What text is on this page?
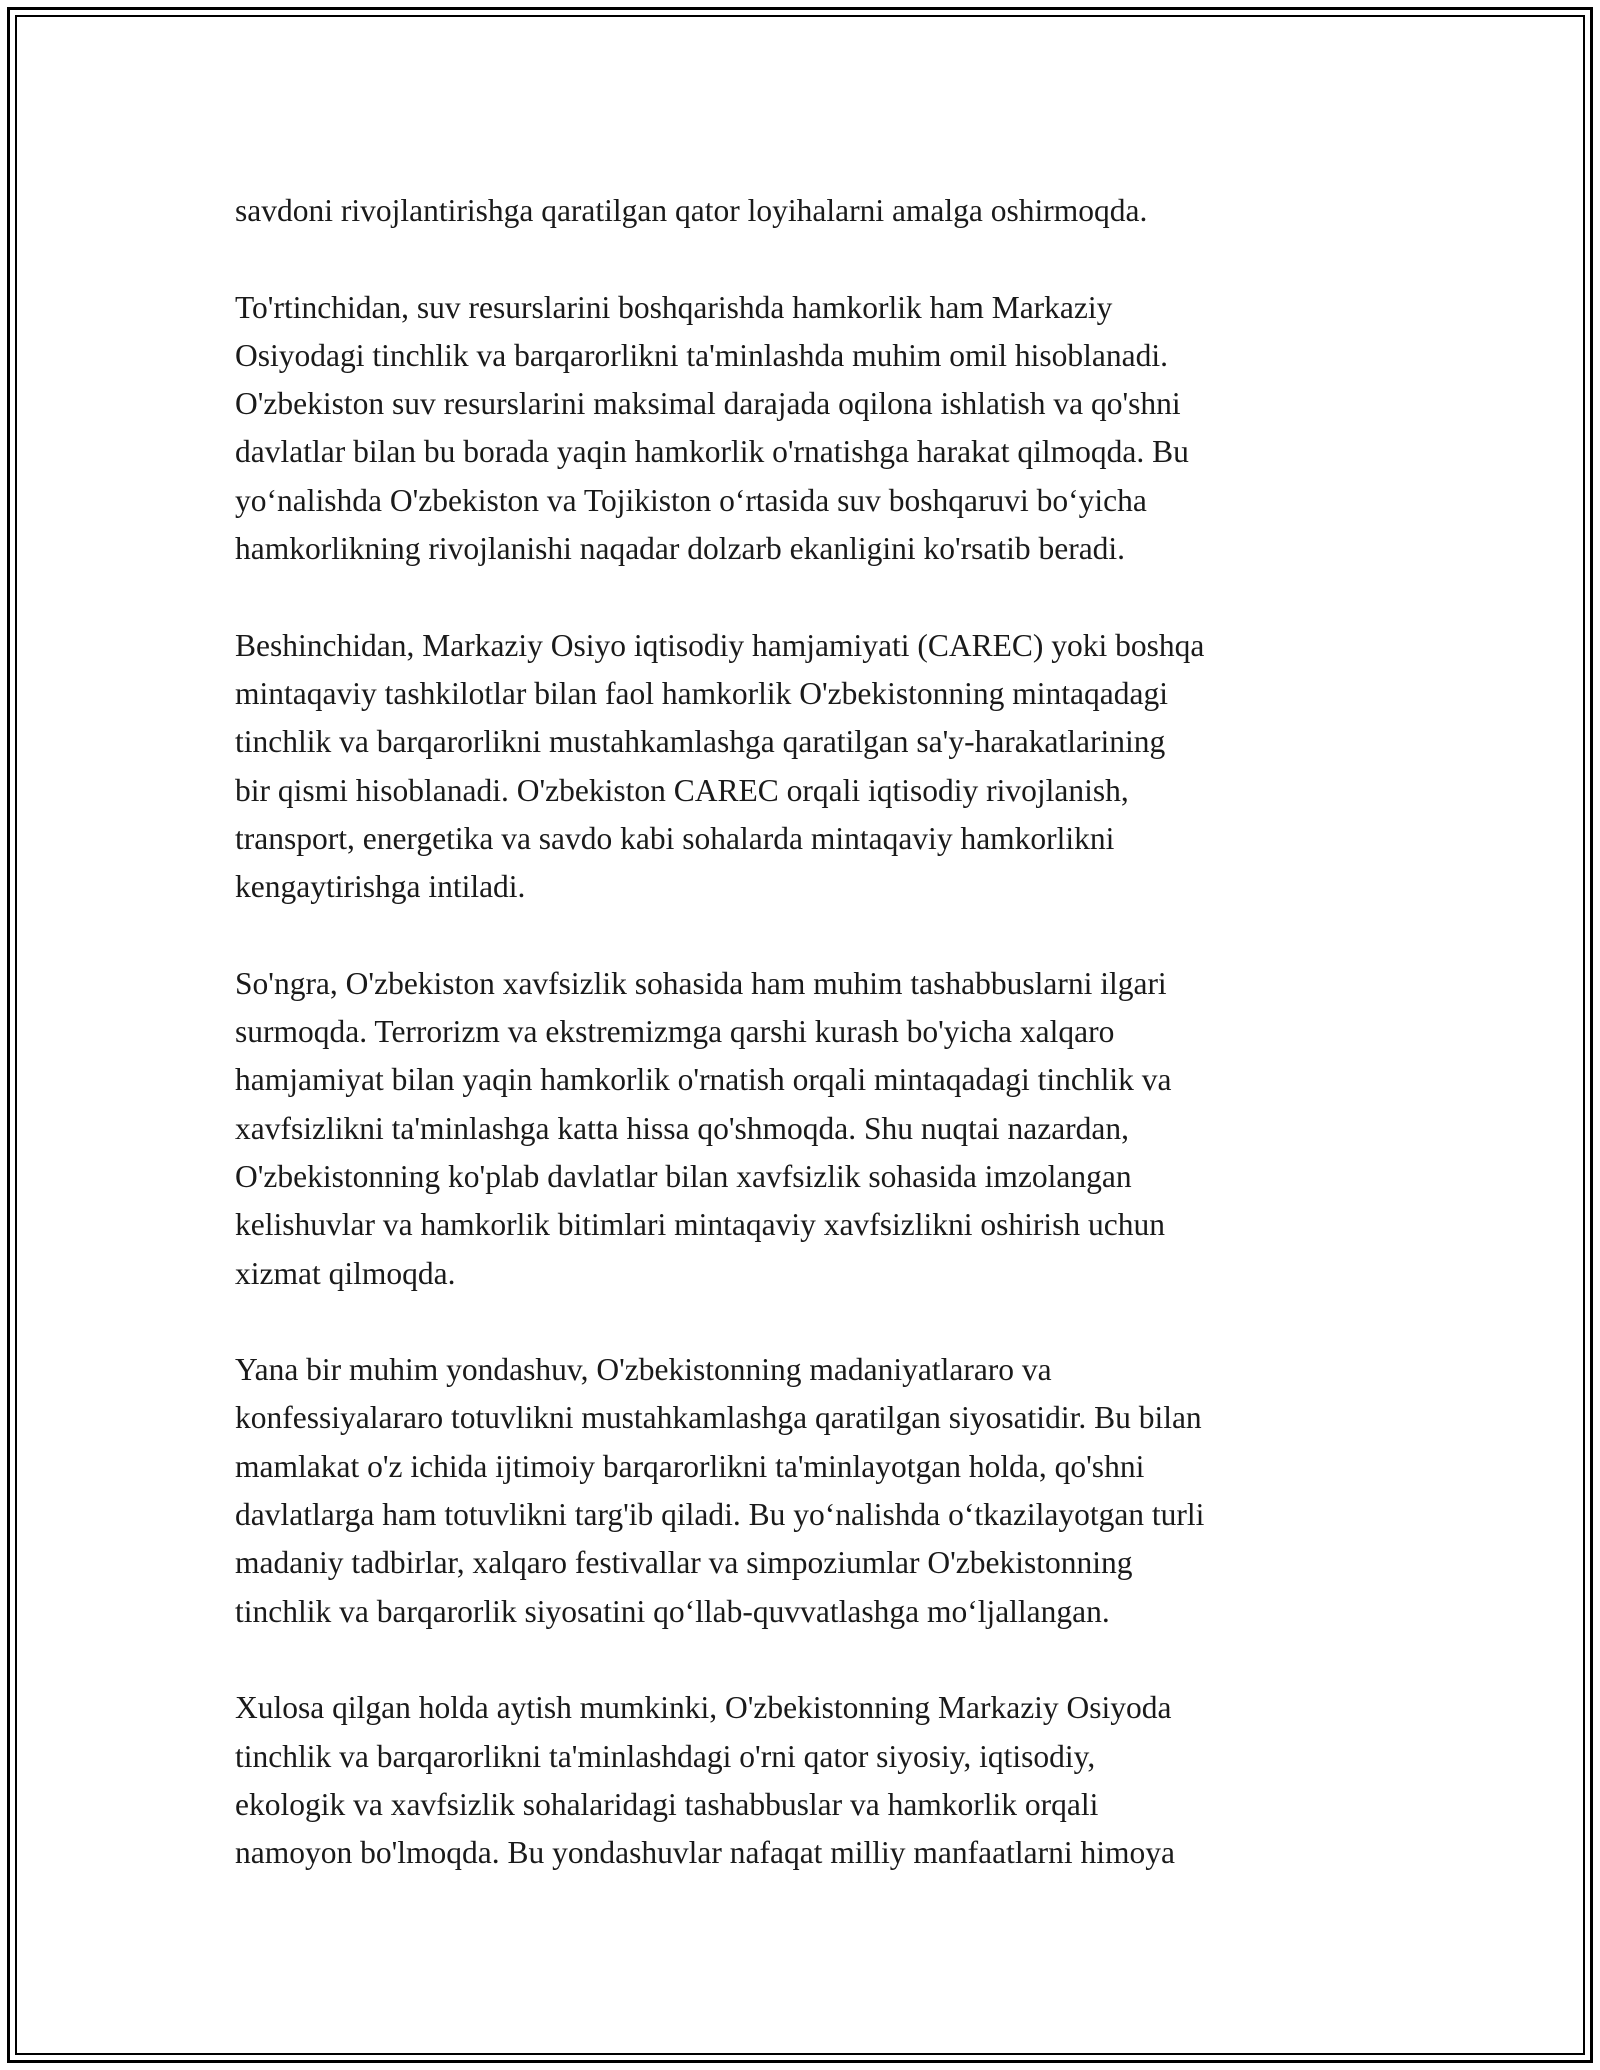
savdoni rivojlantirishga qaratilgan qator loyihalarni amalga oshirmoqda.

To'rtinchidan, suv resurslarini boshqarishda hamkorlik ham Markaziy
Osiyodagi tinchlik va barqarorlikni ta'minlashda muhim omil hisoblanadi.
O'zbekiston suv resurslarini maksimal darajada oqilona ishlatish va qo'shni
davlatlar bilan bu borada yaqin hamkorlik o'rnatishga harakat qilmoqda. Bu
yo‘nalishda O'zbekiston va Tojikiston o‘rtasida suv boshqaruvi bo‘yicha
hamkorlikning rivojlanishi naqadar dolzarb ekanligini ko'rsatib beradi.

Beshinchidan, Markaziy Osiyo iqtisodiy hamjamiyati (CAREC) yoki boshqa
mintaqaviy tashkilotlar bilan faol hamkorlik O'zbekistonning mintaqadagi
tinchlik va barqarorlikni mustahkamlashga qaratilgan sa'y-harakatlarining
bir qismi hisoblanadi. O'zbekiston CAREC orqali iqtisodiy rivojlanish,
transport, energetika va savdo kabi sohalarda mintaqaviy hamkorlikni
kengaytirishga intiladi.

So'ngra, O'zbekiston xavfsizlik sohasida ham muhim tashabbuslarni ilgari
surmoqda. Terrorizm va ekstremizmga qarshi kurash bo'yicha xalqaro
hamjamiyat bilan yaqin hamkorlik o'rnatish orqali mintaqadagi tinchlik va
xavfsizlikni ta'minlashga katta hissa qo'shmoqda. Shu nuqtai nazardan,
O'zbekistonning ko'plab davlatlar bilan xavfsizlik sohasida imzolangan
kelishuvlar va hamkorlik bitimlari mintaqaviy xavfsizlikni oshirish uchun
xizmat qilmoqda.

Yana bir muhim yondashuv, O'zbekistonning madaniyatlararo va
konfessiyalararo totuvlikni mustahkamlashga qaratilgan siyosatidir. Bu bilan
mamlakat o'z ichida ijtimoiy barqarorlikni ta'minlayotgan holda, qo'shni
davlatlarga ham totuvlikni targ'ib qiladi. Bu yo‘nalishda o‘tkazilayotgan turli
madaniy tadbirlar, xalqaro festivallar va simpoziumlar O'zbekistonning
tinchlik va barqarorlik siyosatini qo‘llab-quvvatlashga mo‘ljallangan.

Xulosa qilgan holda aytish mumkinki, O'zbekistonning Markaziy Osiyoda
tinchlik va barqarorlikni ta'minlashdagi o'rni qator siyosiy, iqtisodiy,
ekologik va xavfsizlik sohalaridagi tashabbuslar va hamkorlik orqali
namoyon bo'lmoqda. Bu yondashuvlar nafaqat milliy manfaatlarni himoya
